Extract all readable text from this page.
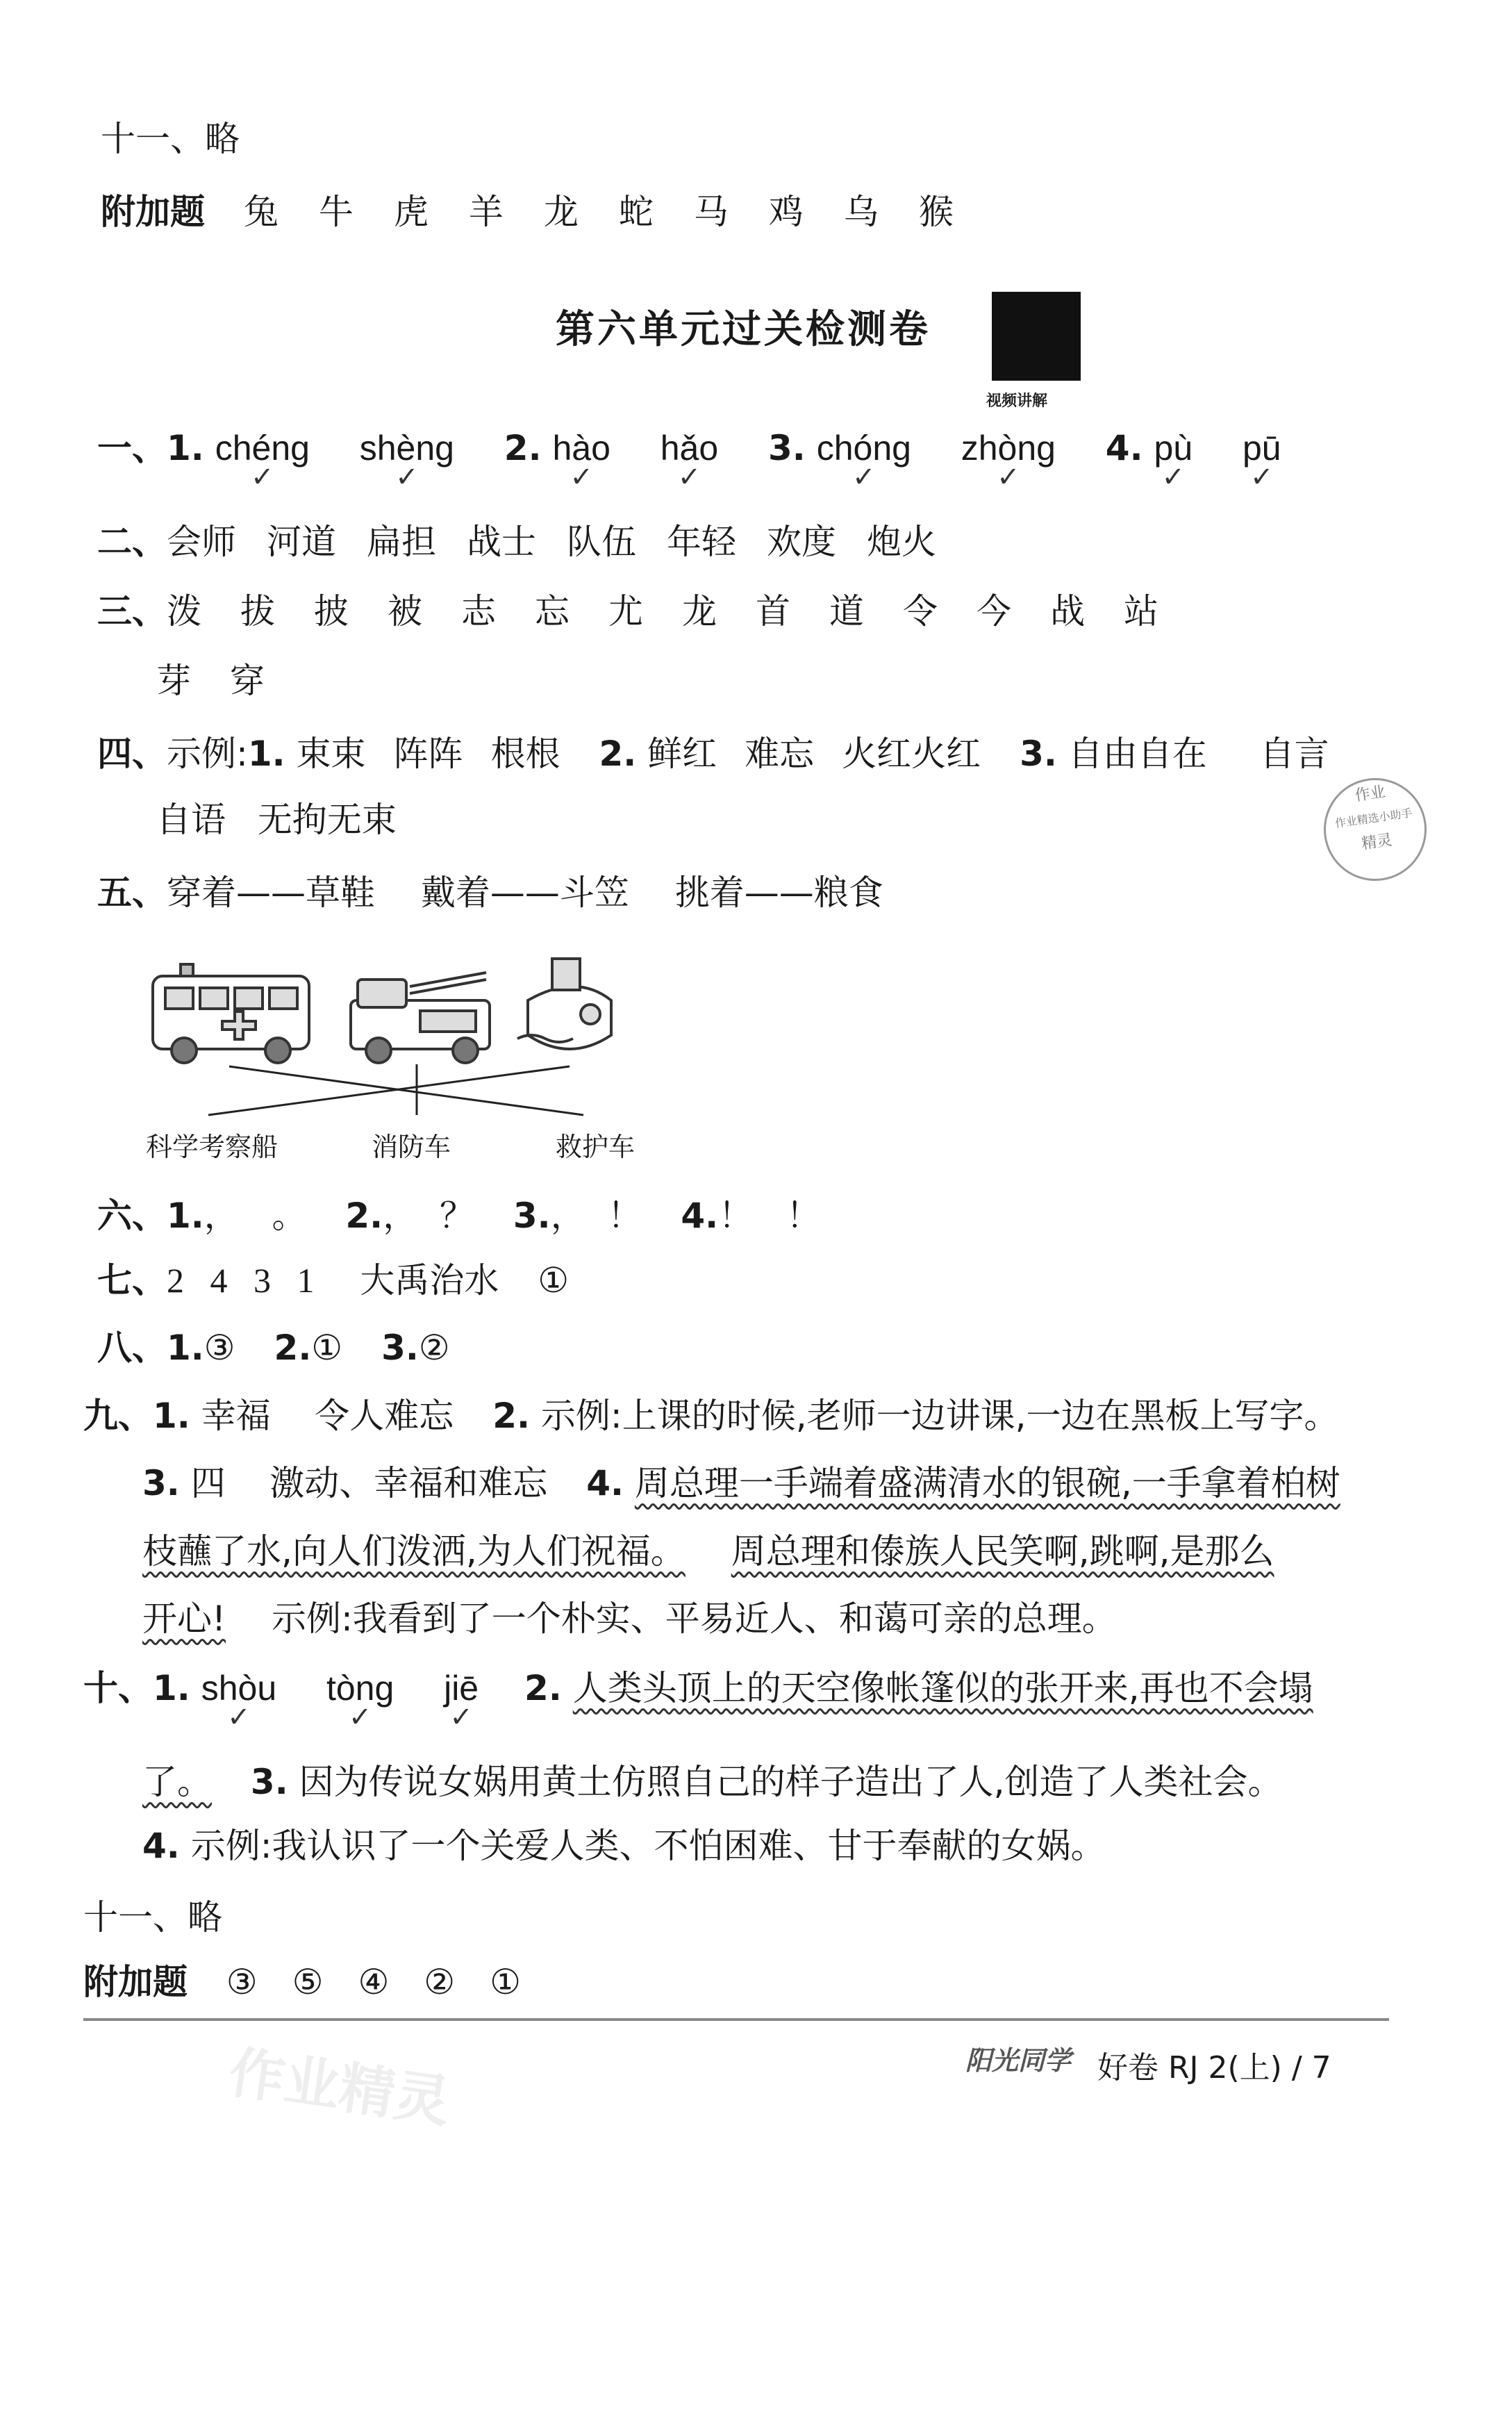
十一、略
附加题 兔 牛 虎 羊 龙 蛇 马 鸡 乌 猴
第六单元过关检测卷
视频讲解
一、1. chéng ✓ shèng ✓ 2. hào ✓ hǎo ✓ 3. chóng ✓ zhòng ✓ 4. pù ✓ pū ✓
二、会师 河道 扁担 战士 队伍 年轻 欢度 炮火
三、泼 拔 披 被 志 忘 尤 龙 首 道 令 今 战 站
芽 穿
四、示例:1. 束束 阵阵 根根 2. 鲜红 难忘 火红火红 3. 自由自在 自言
自语 无拘无束
作业
作业精选小助手
精灵
五、穿着——草鞋 戴着——斗笠 挑着——粮食
科学考察船	消防车	救护车
六、1.，   。 2.，  ？ 3.，  ！ 4.！   ！
七、2   4   3   1 大禹治水 ①
八、1.③ 2.① 3.②
九、1. 幸福    令人难忘 2. 示例:上课的时候,老师一边讲课,一边在黑板上写字。
3. 四    激动、幸福和难忘 4. 周总理一手端着盛满清水的银碗,一手拿着柏树
枝蘸了水,向人们泼洒,为人们祝福。 周总理和傣族人民笑啊,跳啊,是那么
开心! 示例:我看到了一个朴实、平易近人、和蔼可亲的总理。
十、1. shòu ✓ tòng ✓ jiē ✓ 2. 人类头顶上的天空像帐篷似的张开来,再也不会塌
了。 3. 因为传说女娲用黄土仿照自己的样子造出了人,创造了人类社会。
4. 示例:我认识了一个关爱人类、不怕困难、甘于奉献的女娲。
十一、略
附加题 ③ ⑤ ④ ② ①
阳光同学 好卷 RJ 2(上) / 7
作业精灵
